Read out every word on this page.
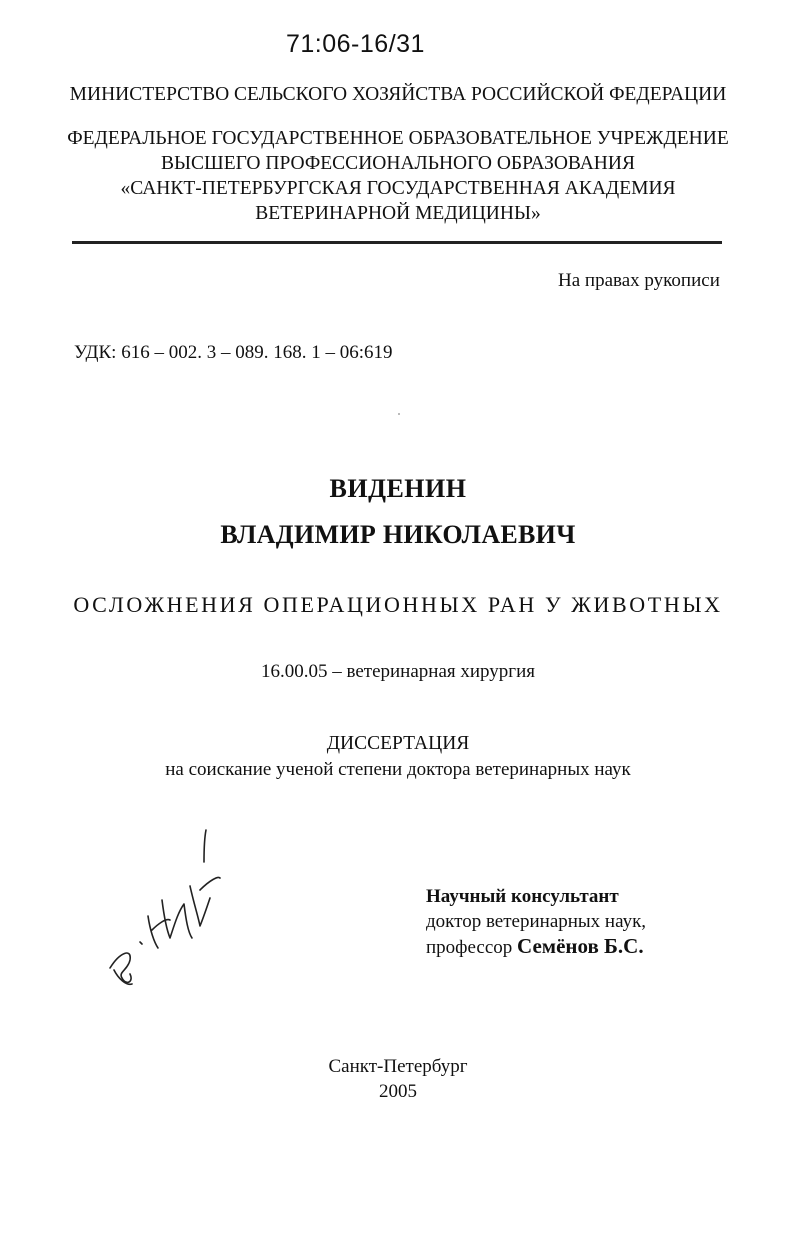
71:06-16/31
МИНИСТЕРСТВО СЕЛЬСКОГО ХОЗЯЙСТВА РОССИЙСКОЙ ФЕДЕРАЦИИ
ФЕДЕРАЛЬНОЕ ГОСУДАРСТВЕННОЕ ОБРАЗОВАТЕЛЬНОЕ УЧРЕЖДЕНИЕ
ВЫСШЕГО ПРОФЕССИОНАЛЬНОГО ОБРАЗОВАНИЯ
«САНКТ-ПЕТЕРБУРГСКАЯ ГОСУДАРСТВЕННАЯ АКАДЕМИЯ
ВЕТЕРИНАРНОЙ МЕДИЦИНЫ»
На правах рукописи
УДК: 616 – 002. 3 – 089. 168. 1 – 06:619
ВИДЕНИН
ВЛАДИМИР НИКОЛАЕВИЧ
ОСЛОЖНЕНИЯ ОПЕРАЦИОННЫХ РАН У ЖИВОТНЫХ
16.00.05 – ветеринарная хирургия
ДИССЕРТАЦИЯ
на соискание ученой степени доктора ветеринарных наук
Научный консультант
доктор ветеринарных наук,
профессор Семёнов Б.С.
Санкт-Петербург
2005
